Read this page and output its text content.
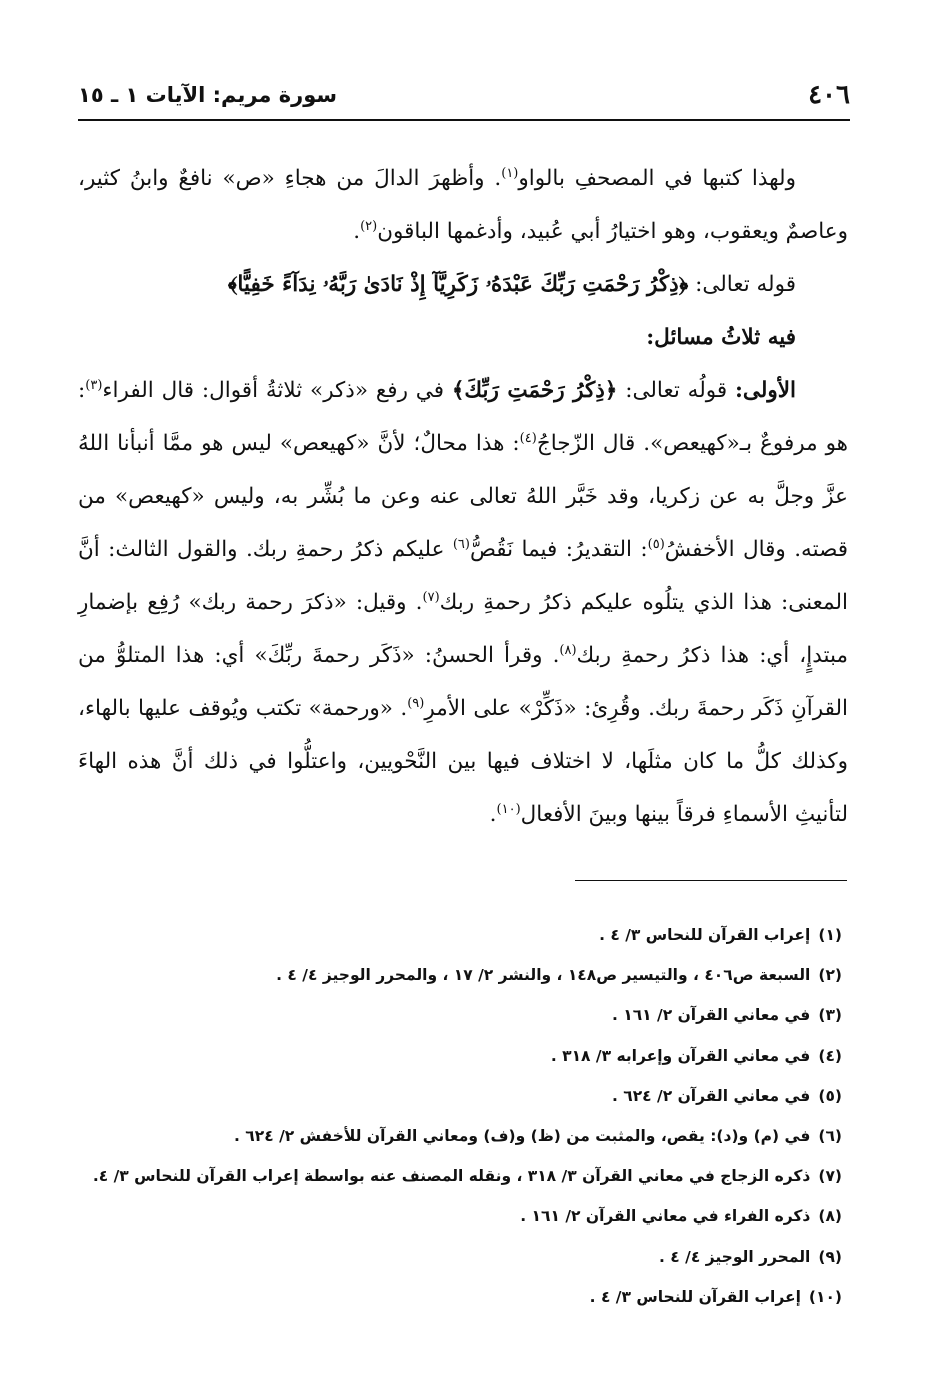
٤٠٦
سورة مريم: الآيات ١ ـ ١٥

ولهذا كتبها في المصحفِ بالواو$^{(١)}$. وأظهرَ الدالَ من هجاءِ «ص» نافعٌ وابنُ كثير، وعاصمٌ ويعقوب، وهو اختيارُ أبي عُبيد، وأدغمها الباقون$^{(٢)}$.

قوله تعالى: ﴿ذِكْرُ رَحْمَتِ رَبِّكَ عَبْدَهُۥ زَكَرِيَّآ إِذْ نَادَىٰ رَبَّهُۥ نِدَآءً خَفِيًّا﴾

فيه ثلاثُ مسائل:

الأولى: قولُه تعالى: ﴿ذِكْرُ رَحْمَتِ رَبِّكَ﴾ في رفع «ذكر» ثلاثةُ أقوال: قال الفراء$^{(٣)}$: هو مرفوعٌ بـ«كهيعص». قال الزّجاجُ$^{(٤)}$: هذا محالٌ؛ لأنَّ «كهيعص» ليس هو ممَّا أنبأنا اللهُ عزَّ وجلَّ به عن زكريا، وقد خَبَّر اللهُ تعالى عنه وعن ما بُشِّر به، وليس «كهيعص» من قصته. وقال الأخفشُ$^{(٥)}$: التقديرُ: فيما نَقُصُّ$^{(٦)}$ عليكم ذكرُ رحمةِ ربك. والقول الثالث: أنَّ المعنى: هذا الذي يتلُوه عليكم ذكرُ رحمةِ ربك$^{(٧)}$. وقيل: «ذكرَ رحمة ربك» رُفِع بإضمارِ مبتدإٍ، أي: هذا ذكرُ رحمةِ ربك$^{(٨)}$. وقرأ الحسنُ: «ذَكَر رحمةَ ربِّكَ» أي: هذا المتلوُّ من القرآنِ ذَكَر رحمةَ ربك. وقُرِئ: «ذَكِّرْ» على الأمرِ$^{(٩)}$. «ورحمة» تكتب ويُوقف عليها بالهاء، وكذلك كلُّ ما كان مثلَها، لا اختلاف فيها بين النَّحْويين، واعتلُّوا في ذلك أنَّ هذه الهاءَ لتأنيثِ الأسماءِ فرقاً بينها وبينَ الأفعال$^{(١٠)}$.

(١)
إعراب القرآن للنحاس ٣/ ٤ .
(٢)
السبعة ص٤٠٦ ، والتيسير ص١٤٨ ، والنشر ٢/ ١٧ ، والمحرر الوجيز ٤/ ٤ .
(٣)
في معاني القرآن ٢/ ١٦١ .
(٤)
في معاني القرآن وإعرابه ٣/ ٣١٨ .
(٥)
في معاني القرآن ٢/ ٦٢٤ .
(٦)
في (م) و(د): يقص، والمثبت من (ظ) و(ف) ومعاني القرآن للأخفش ٢/ ٦٢٤ .
(٧)
ذكره الزجاج في معاني القرآن ٣/ ٣١٨ ، ونقله المصنف عنه بواسطة إعراب القرآن للنحاس ٣/ ٤.
(٨)
ذكره الفراء في معاني القرآن ٢/ ١٦١ .
(٩)
المحرر الوجيز ٤/ ٤ .
(١٠)
إعراب القرآن للنحاس ٣/ ٤ .
